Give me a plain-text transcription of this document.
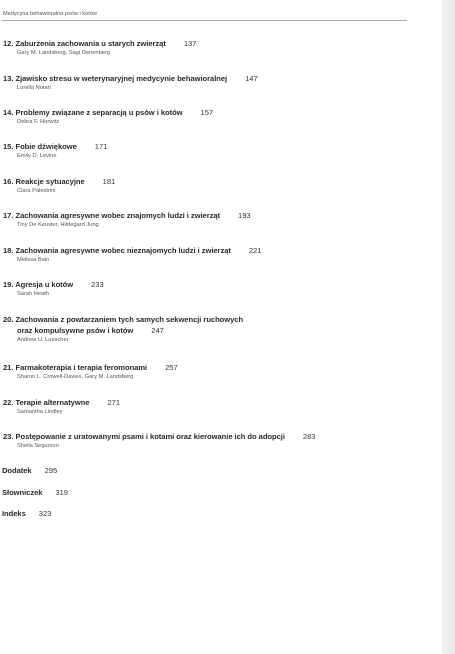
Medycyna behawioralna psów i kotów
12. Zaburzenia zachowania u starych zwierząt 137
Gary M. Landsberg, Sagi Denenberg
13. Zjawisko stresu w weterynaryjnej medycynie behawioralnej 147
Lorella Notari
14. Problemy związane z separacją u psów i kotów 157
Debra F. Horwitz
15. Fobie dźwiękowe 171
Emily D. Levine
16. Reakcje sytuacyjne 181
Clara Palestrini
17. Zachowania agresywne wobec znajomych ludzi i zwierząt 193
Tiny De Keuster, Hildegard Jung
18. Zachowania agresywne wobec nieznajomych ludzi i zwierząt 221
Melissa Bain
19. Agresja u kotów 233
Sarah Heath
20. Zachowania z powtarzaniem tych samych sekwencji ruchowych
oraz kompulsywne psów i kotów 247
Andrew U. Luescher
21. Farmakoterapia i terapia feromonami 257
Sharon L. Crowell-Davies, Gary M. Landsberg
22. Terapie alternatywne 271
Samantha Lindley
23. Postępowanie z uratowanymi psami i kotami oraz kierowanie ich do adopcji 283
Sheila Segurson
Dodatek 295
Słowniczek 319
Indeks 323
